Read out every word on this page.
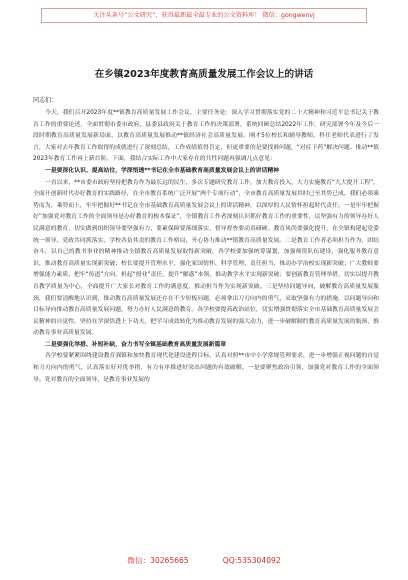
关注头条号“公文研究”，获得最新最全最专业的公文资料库！ 微信：gongwenvj
在乡镇2023年度教育高质量发展工作会议上的讲话
同志们：

今天，我们召开2023年度**镇教育高质量发展工作会议，主要任务是：深入学习贯彻落实党的二十大精神和习近平总书记关于教育工作的重要论述，全面贯彻市委市政府、县委县政府关于教育工作的决策部署，系统回顾总结2022年工作，研究部署今年及今后一段时期教育高质量发展新局面，以教育高质量发展推动**镇经济社会高质量发展。刚才5位校长和辅导教师、科任老师代表进行了发言，大家对去年教育工作取得的成就进行了深刻总结，工作成绩值得肯定，但更重要的是要找准问题，“对症下药”解决问题。推动**镇2023年教育工作再上新台阶。下面，我结合实际工作中大家存在的共性问题再强调几点意见：

一是要深化认识、提高站位，学深悟透**书记在全市基础教育高质量发展会议上的讲话精神

一直以来，**市委市政府坚持把教育作为最长远的民生，多次专题研究教育工作，加大教育投入，大力实施教育“九大提升工程”，全面开创新时代办好教育的实践路径，在全市教育系统广泛开展“两个专项行动”，全市教育高质量发展其时已至其势已成，我们必须乘势而为、乘势而上，牢牢把握好**书记在全市基础教育高质量发展会议上的讲话精神，以深厚的人民情怀担起时代责任。一是牢牢把握好“加强党对教育工作的全面领导是办好教育的根本保证”，全镇教育工作者深刻认识抓好教育工作的重要性，以坚强有力的领导办好人民满意的教育，切实做到组织领导要坚强有力、要素保障要落细落实、督导督查要动真碰硬。教育风尚要强化提升，在全镇构建起党委统一领导、党政共同抓落实、学校各负其责的教育工作格局，齐心协力推动**镇教育高质量发展。二是教育工作者必须担当作为，团结奋斗，以自己的教书事业的精神推动全镇教育高质量发展取得新突破，各学校要加强统筹谋划，加强师资队伍建设，强化服务教育意识，推动教育高质量实现新突破；校长要提升管理水平，强化家国情怀、科学管理、责任担当，推动办学治校实现新突破；广大教师要增强能力素质，把牢“传道”方向，担起“授业”责任，提升“解惑”本领，推动教学水平实现新突破；要创新教育管理举措，切实以提升教育教学质量为中心，全面提升广大家长对教育工作的满意度，推动担当作为实现新突破。三是坚持问题导向，破解教育高质量发展瓶颈，我们要清醒地认识到，推动教育高质量发展还存在不少短板问题，必须拿出刀刃向内的勇气，采取坚强有力的措施，以问题导向和目标导向推动教育高质量发展问题，努力办好人民满意的教育。各学校要提高政治站位，切实增强贯彻落实全市基础教育高质量发展会议精神的自觉性，坚持在学深悟透上下功夫，把学习成效转化为推动教育发展的强大动力，进一步破解制约教育高质量发展的瓶颈，推动教育事业高质量发展。

二是要强化举措、补短补缺，奋力书写全镇基础教育高质量发展新篇章

各学校要紧紧围绕建设教育强镇和加快教育现代化建设进程目标，认真对照**市中小学常规管理要求，进一步增强正视问题的自觉和刀刃向内的勇气，认真落实好对优举措，有力有序推进好突出问题的有效破解。一是要聚焦政治引领，加强党对教育工作的全面领导。党对教育的全面领导，是教育事业发展的

微信：30265665	QQ:535304092
